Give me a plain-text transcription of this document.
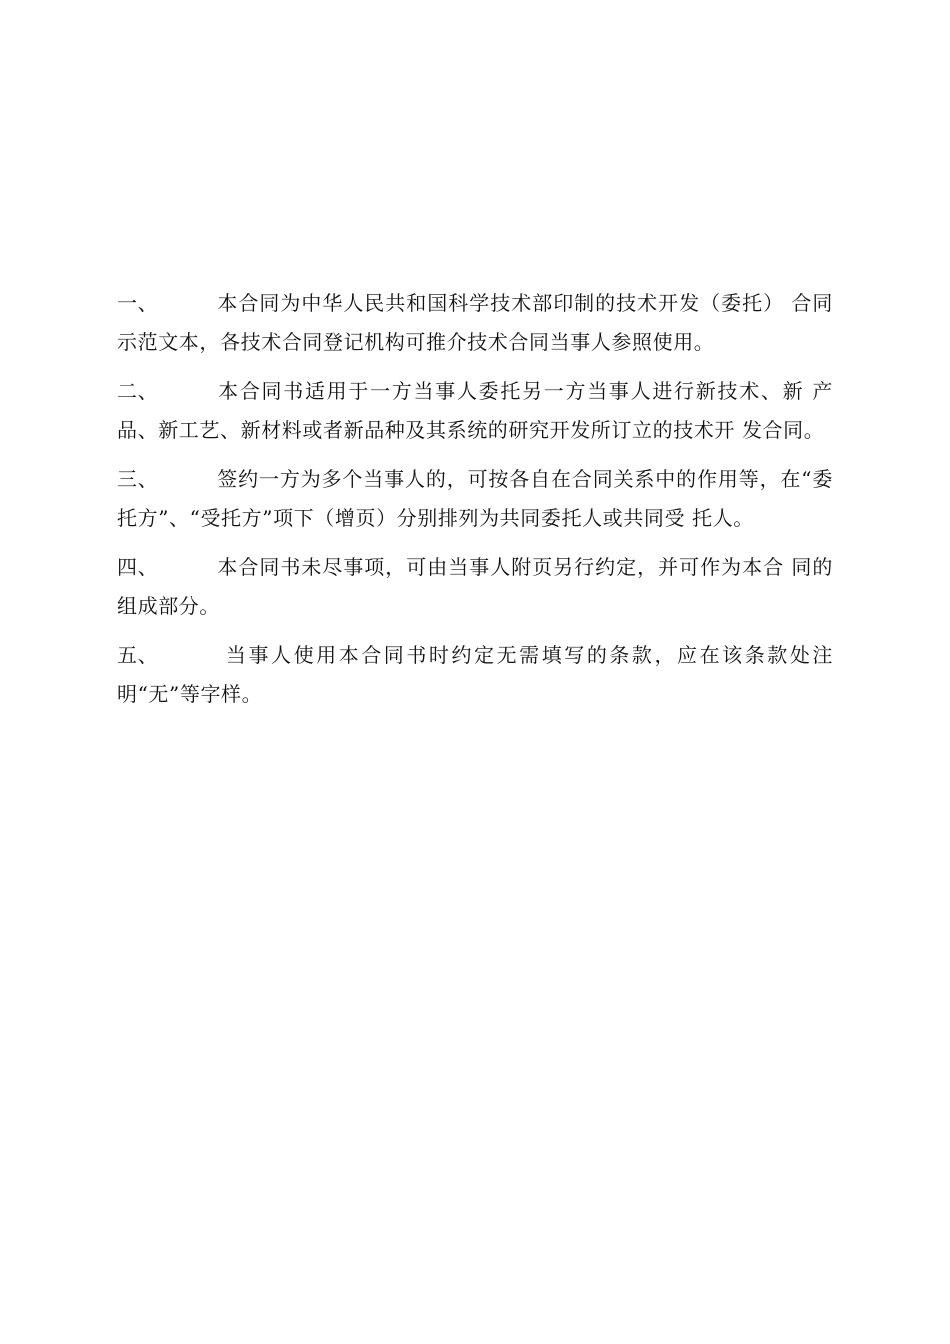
一、	本合同为中华人民共和国科学技术部印制的技术开发（委托） 合同示范文本，各技术合同登记机构可推介技术合同当事人参照使用。

二、	本合同书适用于一方当事人委托另一方当事人进行新技术、新 产品、新工艺、新材料或者新品种及其系统的研究开发所订立的技术开 发合同。

三、	签约一方为多个当事人的，可按各自在合同关系中的作用等，在“委托方”、“受托方”项下（增页）分别排列为共同委托人或共同受 托人。

四、	本合同书未尽事项，可由当事人附页另行约定，并可作为本合 同的组成部分。

五、	当事人使用本合同书时约定无需填写的条款，应在该条款处注明“无”等字样。
